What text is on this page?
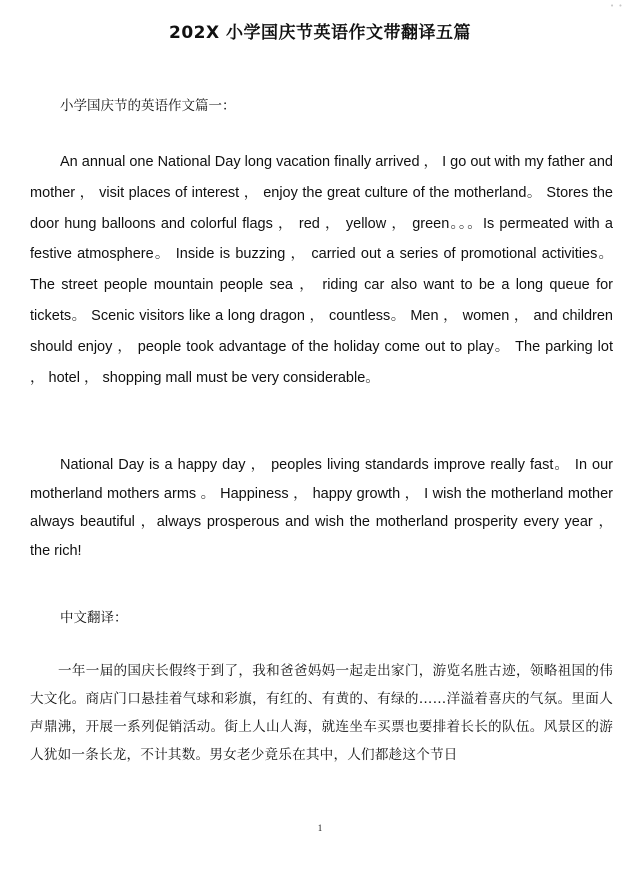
• •
202X 小学国庆节英语作文带翻译五篇
小学国庆节的英语作文篇一：

An annual one National Day long vacation finally arrived ， I go out with my father and mother ， visit places of interest ， enjoy the great culture of the motherland。 Stores the door hung balloons and colorful flags ， red ， yellow ， green。。。Is permeated with a festive atmosphere。 Inside is buzzing ， carried out a series of promotional activities。 The street people mountain people sea ， riding car also want to be a long queue for tickets。 Scenic visitors like a long dragon ， countless。 Men ， women ， and children should enjoy ， people took advantage of the holiday come out to play。 The parking lot ， hotel ， shopping mall must be very considerable。

National Day is a happy day ， peoples living standards improve really fast。 In our motherland mothers arms 。 Happiness ， happy growth ， I wish the motherland mother always beautiful ，always prosperous and wish the motherland prosperity every year ， the rich!

中文翻译：

一年一届的国庆长假终于到了，我和爸爸妈妈一起走出家门，游览名胜古迹，领略祖国的伟大文化。商店门口悬挂着气球和彩旗，有红的、有黄的、有绿的……洋溢着喜庆的气氛。里面人声鼎沸，开展一系列促销活动。街上人山人海，就连坐车买票也要排着长长的队伍。风景区的游人犹如一条长龙，不计其数。男女老少竟乐在其中，人们都趁这个节日

1
